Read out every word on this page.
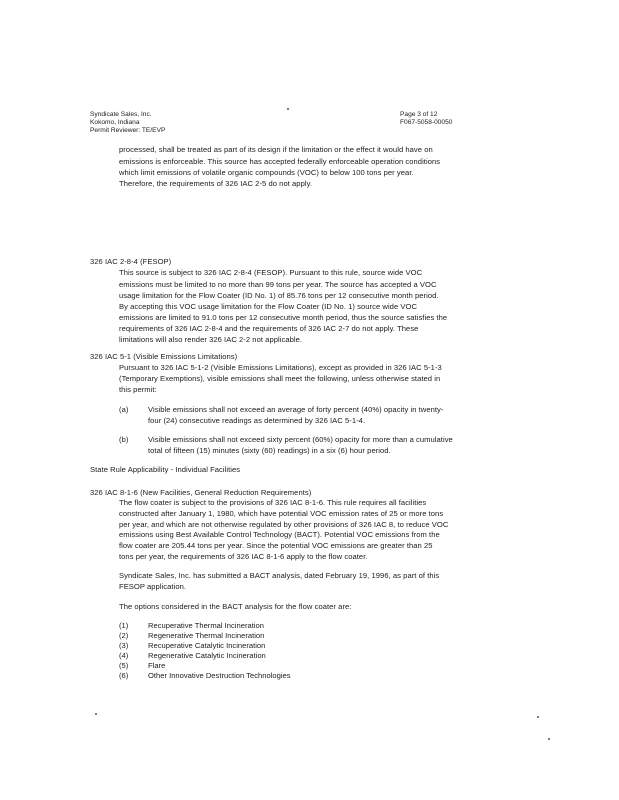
Syndicate Sales, Inc.
Kokomo, Indiana
Permit Reviewer: TE/EVP
Page 3 of 12
F067-5058-00050
processed, shall be treated as part of its design if the limitation or the effect it would have on
emissions is enforceable. This source has accepted federally enforceable operation conditions
which limit emissions of volatile organic compounds (VOC) to below 100 tons per year.
Therefore, the requirements of 326 IAC 2-5 do not apply.
326 IAC 2-8-4 (FESOP)
This source is subject to 326 IAC 2-8-4 (FESOP). Pursuant to this rule, source wide VOC
emissions must be limited to no more than 99 tons per year. The source has accepted a VOC
usage limitation for the Flow Coater (ID No. 1) of 85.76 tons per 12 consecutive month period.
By accepting this VOC usage limitation for the Flow Coater (ID No. 1) source wide VOC
emissions are limited to 91.0 tons per 12 consecutive month period, thus the source satisfies the
requirements of 326 IAC 2-8-4 and the requirements of 326 IAC 2-7 do not apply. These
limitations will also render 326 IAC 2-2 not applicable.
326 IAC 5-1 (Visible Emissions Limitations)
Pursuant to 326 IAC 5-1-2 (Visible Emissions Limitations), except as provided in 326 IAC 5-1-3
(Temporary Exemptions), visible emissions shall meet the following, unless otherwise stated in
this permit:
(a)	Visible emissions shall not exceed an average of forty percent (40%) opacity in twenty-
four (24) consecutive readings as determined by 326 IAC 5-1-4.
(b)	Visible emissions shall not exceed sixty percent (60%) opacity for more than a cumulative
total of fifteen (15) minutes (sixty (60) readings) in a six (6) hour period.
State Rule Applicability - Individual Facilities
326 IAC 8-1-6 (New Facilities, General Reduction Requirements)
The flow coater is subject to the provisions of 326 IAC 8-1-6. This rule requires all facilities
constructed after January 1, 1980, which have potential VOC emission rates of 25 or more tons
per year, and which are not otherwise regulated by other provisions of 326 IAC 8, to reduce VOC
emissions using Best Available Control Technology (BACT). Potential VOC emissions from the
flow coater are 205.44 tons per year. Since the potential VOC emissions are greater than 25
tons per year, the requirements of 326 IAC 8-1-6 apply to the flow coater.
Syndicate Sales, Inc. has submitted a BACT analysis, dated February 19, 1996, as part of this
FESOP application.
The options considered in the BACT analysis for the flow coater are:
(1)	Recuperative Thermal Incineration
(2)	Regenerative Thermal Incineration
(3)	Recuperative Catalytic Incineration
(4)	Regenerative Catalytic Incineration
(5)	Flare
(6)	Other Innovative Destruction Technologies
